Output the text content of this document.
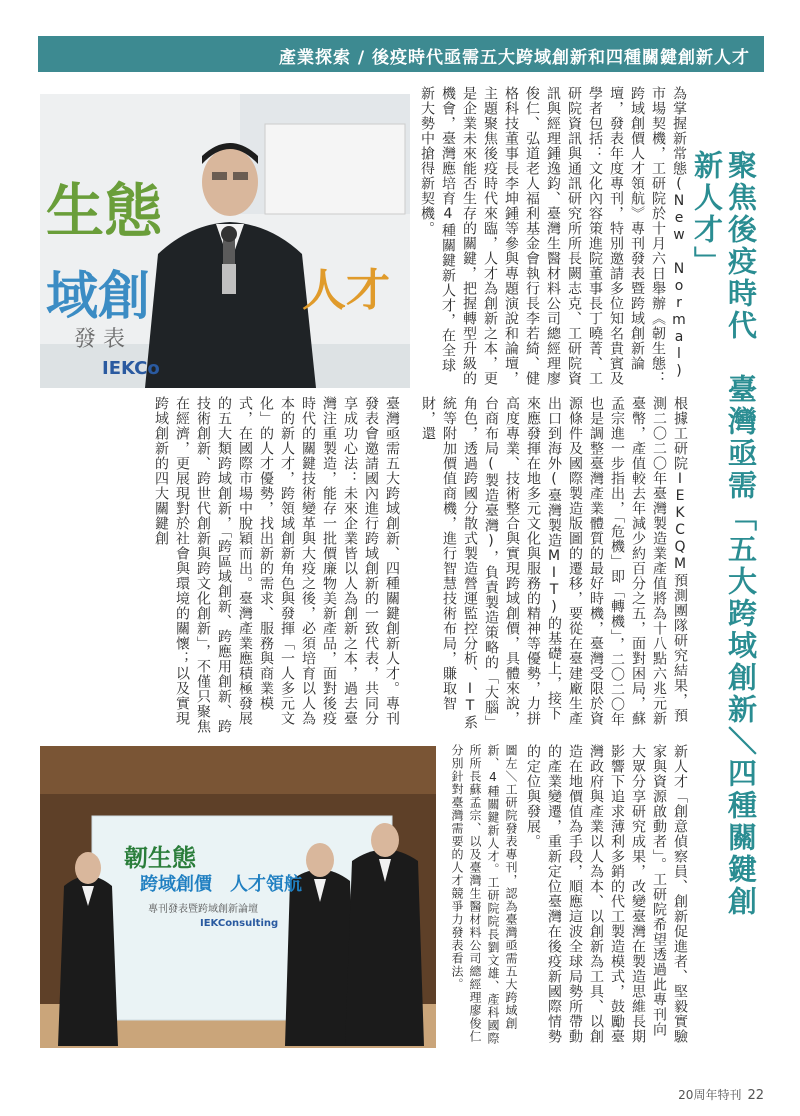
產業探索 / 後疫時代亟需五大跨域創新和四種關鍵創新人才
聚焦後疫時代　臺灣亟需「五大跨域創新＼四種關鍵創新人才」
生態
域創	人才
發 表
IEKCo	為掌握新常態(New Normal)市場契機，工研院於十月六日舉辦《韌生態：跨域創價人才領航》專刊發表暨跨域創新論壇，發表年度專刊，特別邀請多位知名貴賓及學者包括：文化內容策進院董事長丁曉菁、工研院資訊與通訊研究所所長闕志克、工研院資訊與經理鍾逸鈞、臺灣生醫材料公司總經理廖俊仁、弘道老人福利基金會執行長李若綺、健格科技董事長李坤鍾等參與專題演說和論壇，主題聚焦後疫時代來臨，人才為創新之本，更是企業未來能否生存的關鍵，把握轉型升級的機會，臺灣應培育4種關鍵新人才，在全球新大勢中搶得新契機。
根據工研院IEKCQM預測團隊研究結果，預測二〇二〇年臺灣製造業產值將為十八點六兆元新臺幣，產值較去年減少約百分之五，面對困局，蘇孟宗進一步指出，「危機」即「轉機」，二〇二〇年也是調整臺灣產業體質的最好時機，臺灣受限於資源條件及國際製造版圖的遷移，要從在臺建廠生產出口到海外(臺灣製造MIT)的基礎上，接下來應發揮在地多元文化與服務的精神等優勢，力拼高度專業、技術整合與實現跨域創價，具體來說，台商布局(製造臺灣)，負責製造策略的「大腦」角色，透過跨國分散式製造營運監控分析、IT系統等附加價值商機，進行智慧技術布局，賺取智財，還
臺灣亟需五大跨域創新、四種關鍵創新人才。專刊發表會邀請國內進行跨域創新的一致代表，共同分享成功心法：未來企業皆以人為創新之本，過去臺灣注重製造，能存一批價廉物美新產品，面對後疫時代的關鍵技術變革與大疫之後，必須培育以人為本的新人才，跨領域創新角色與發揮「一人多元文化」的人才優勢，找出新的需求、服務與商業模式，在國際市場中脫穎而出。臺灣產業應積極發展的五大類跨域創新，「跨區域創新、跨應用創新、跨技術創新、跨世代創新與跨文化創新」，不僅只聚焦在經濟，更展現對於社會與環境的關懷；以及實現跨域創新的四大關鍵創
新人才「創意偵察員、創新促進者、堅毅實驗家與資源啟動者」。工研院希望透過此專刊向大眾分享研究成果，改變臺灣在製造思維長期影響下追求薄利多銷的代工製造模式，鼓勵臺灣政府與產業以人為本、以創新為工具、以創造在地價值為手段，順應這波全球局勢所帶動的產業變遷，重新定位臺灣在後疫新國際情勢的定位與發展。
圖左＼工研院發表專刊，認為臺灣亟需五大跨域創新、4種關鍵新人才。工研院院長劉文雄、產科國際所所長蘇孟宗、以及臺灣生醫材料公司總經理廖俊仁分別針對臺灣需要的人才競爭力發表看法。
韌生態
跨域創價　人才領航
專刊發表暨跨域創新論壇
IEKConsulting
20周年特刊 22
